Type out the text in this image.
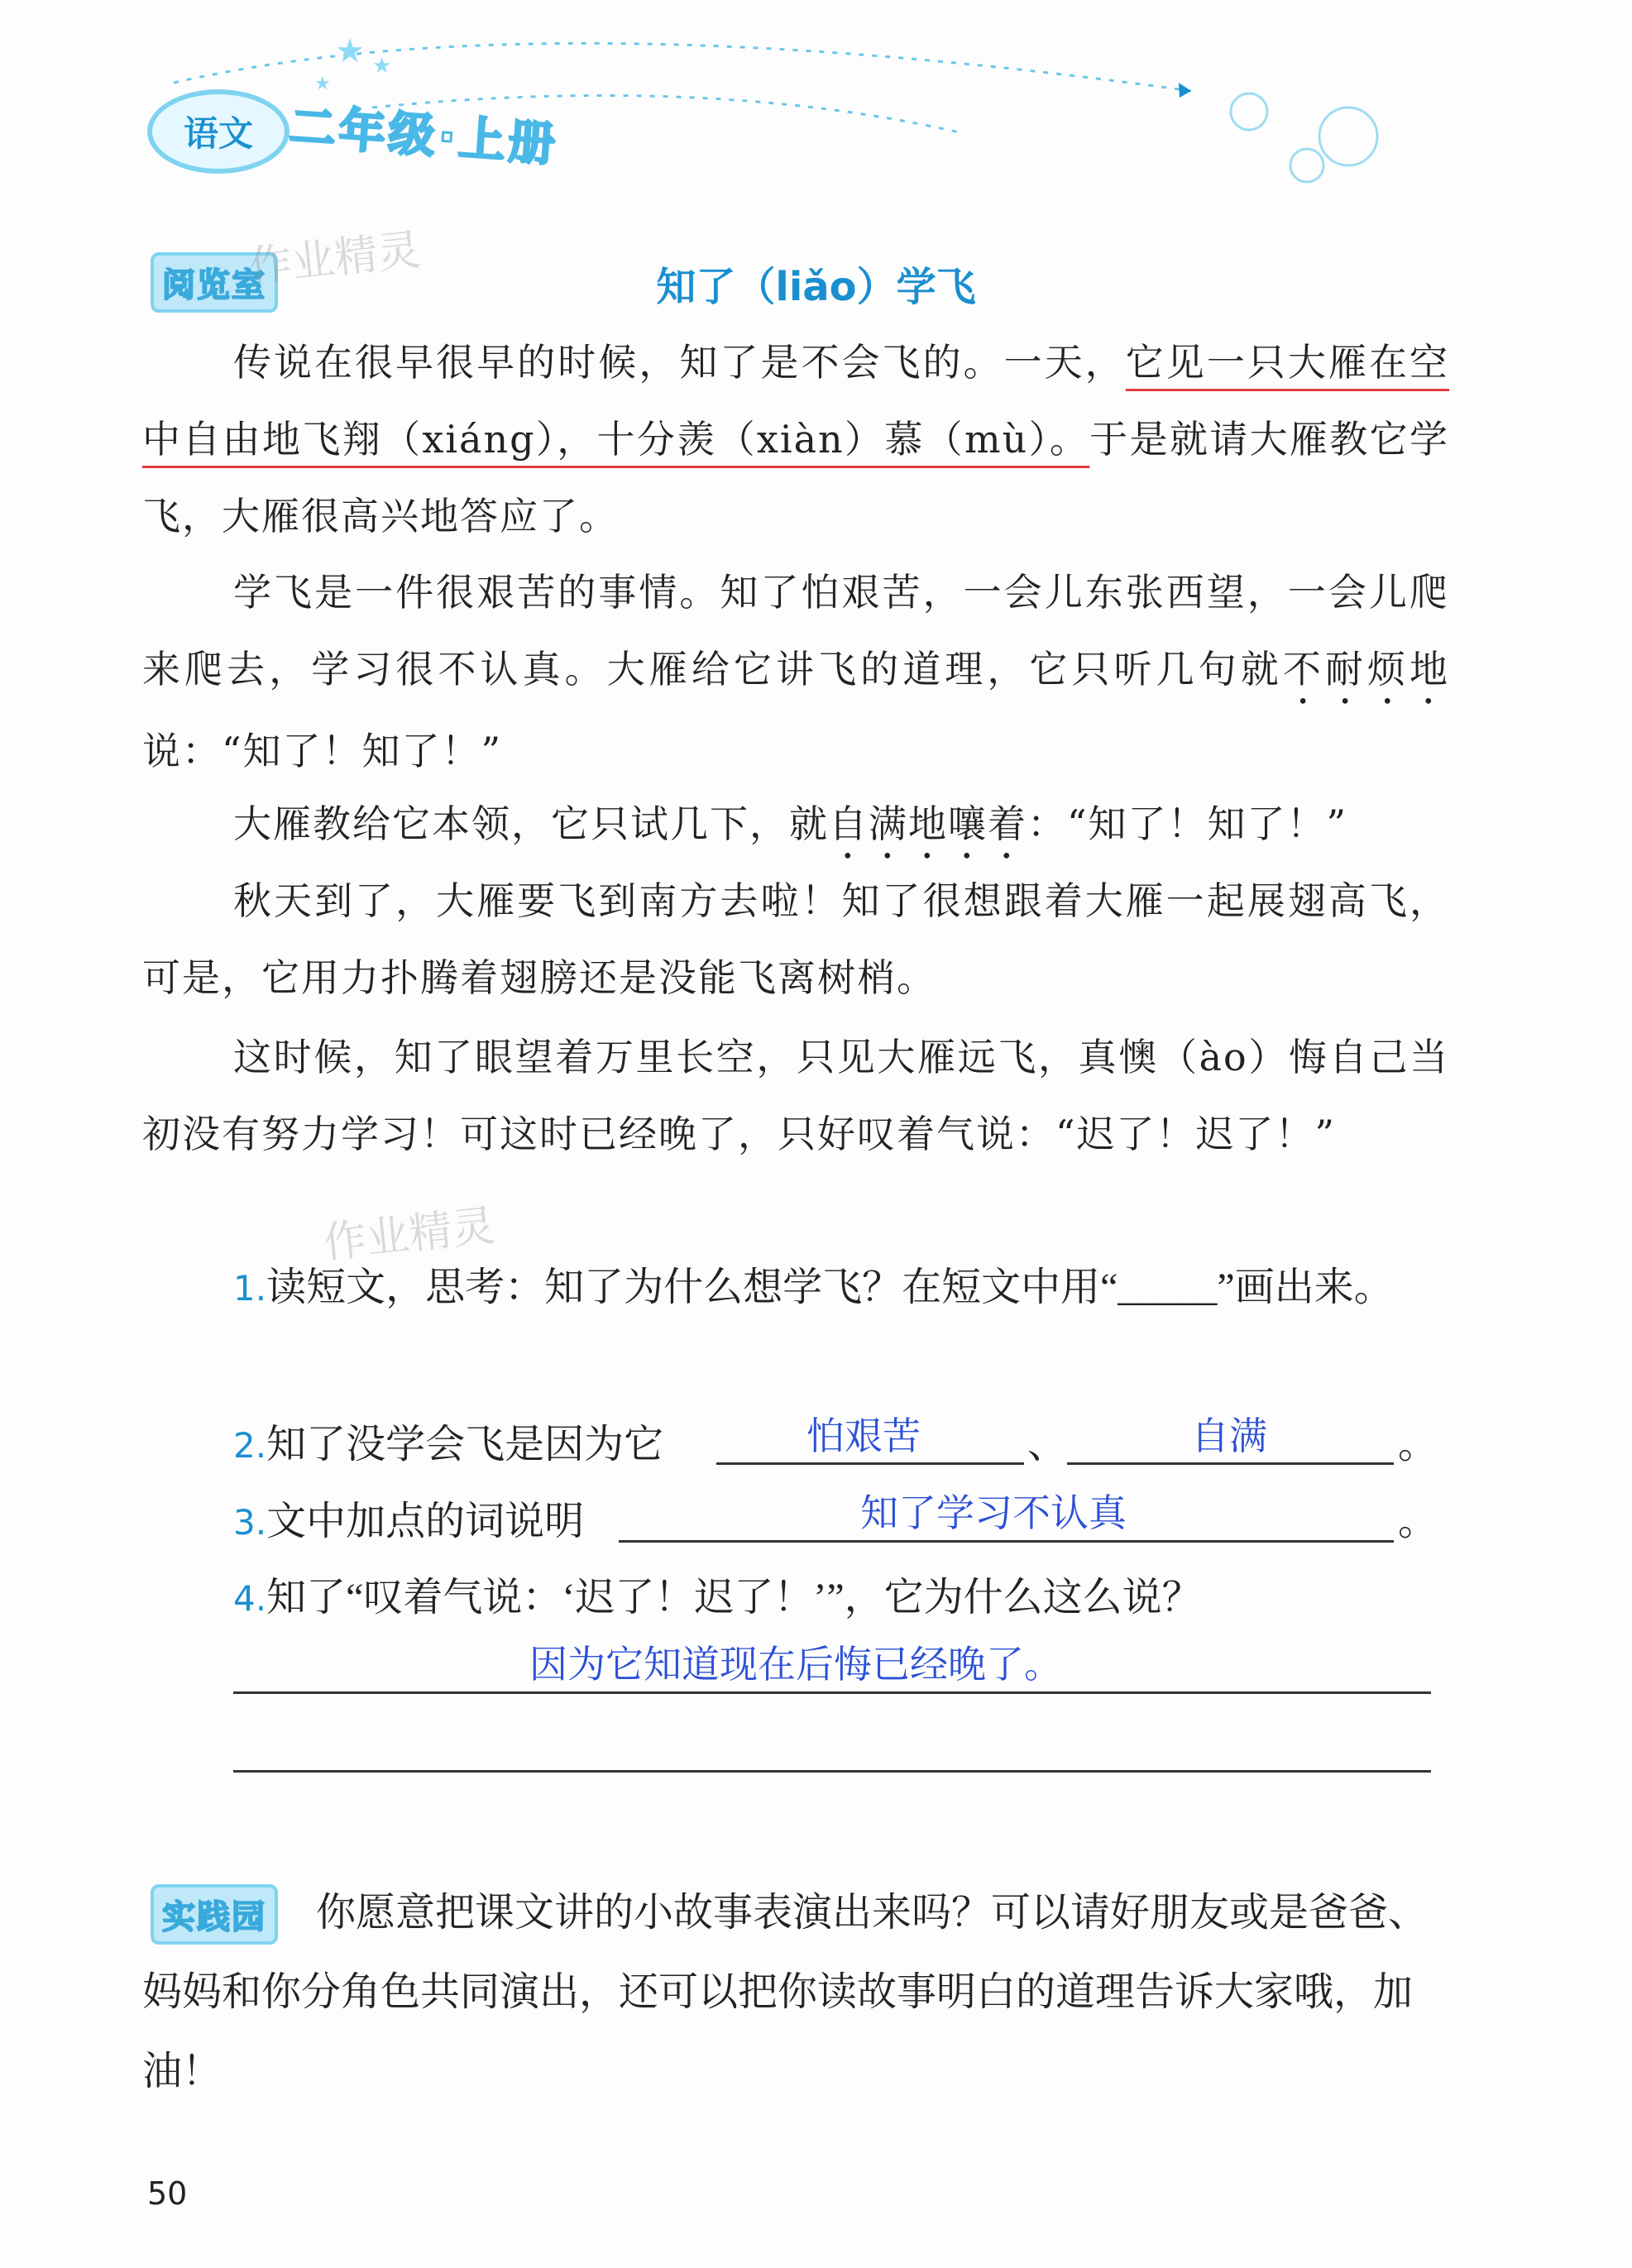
★ ★
★
语文 二年级·上册
阅览室
作业精灵
作业精灵
知了（liǎo）学飞
传说在很早很早的时候，知了是不会飞的。一天，它见一只大雁在空中自由地飞翔（xiáng），十分羡（xiàn）慕（mù）。于是就请大雁教它学飞，大雁很高兴地答应了。
学飞是一件很艰苦的事情。知了怕艰苦，一会儿东张西望，一会儿爬来爬去，学习很不认真。大雁给它讲飞的道理，它只听几句就不耐烦地说：“知了！知了！”
大雁教给它本领，它只试几下，就自满地嚷着：“知了！知了！”
秋天到了，大雁要飞到南方去啦！知了很想跟着大雁一起展翅高飞，可是，它用力扑腾着翅膀还是没能飞离树梢。
这时候，知了眼望着万里长空，只见大雁远飞，真懊（ào）悔自己当初没有努力学习！可这时已经晚了，只好叹着气说：“迟了！迟了！”
1.读短文，思考：知了为什么想学飞？在短文中用“_____”画出来。
2.知了没学会飞是因为它	怕艰苦	、	自满	。
3.文中加点的词说明	知了学习不认真	。
4.知了“叹着气说：‘迟了！迟了！’”，它为什么这么说？
因为它知道现在后悔已经晚了。
实践园	你愿意把课文讲的小故事表演出来吗？可以请好朋友或是爸爸、妈妈和你分角色共同演出，还可以把你读故事明白的道理告诉大家哦，加油！
50
